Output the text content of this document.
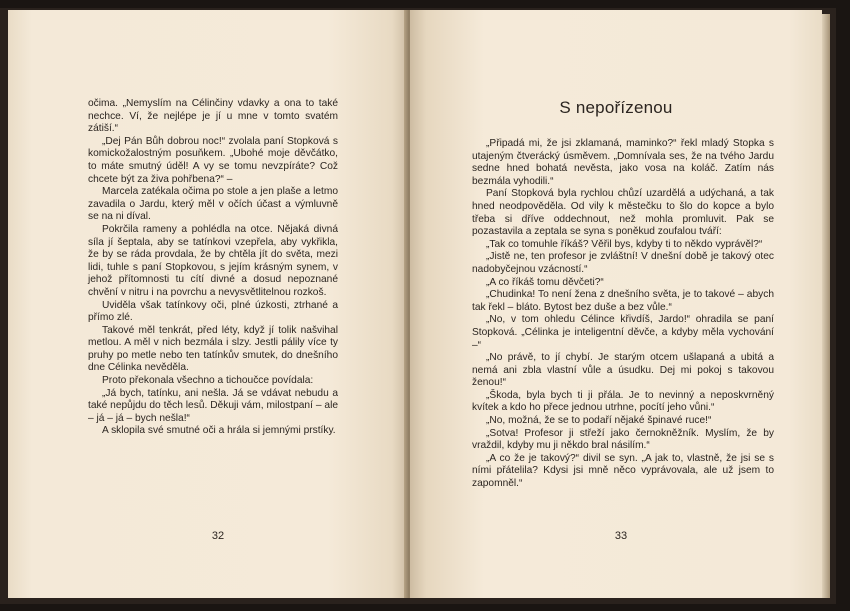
očima. „Nemyslím na Célinčiny vdavky a ona to také nechce. Ví, že nejlépe je jí u mne v tomto svatém zátiší.“

„Dej Pán Bůh dobrou noc!“ zvolala paní Stopková s komickožalostným posuňkem. „Ubohé moje děvčátko, to máte smutný úděl! A vy se tomu nevzpíráte? Což chcete být za živa pohřbena?“ –

Marcela zatékala očima po stole a jen plaše a letmo zavadila o Jardu, který měl v očích účast a výmluvně se na ni díval.

Pokrčila rameny a pohlédla na otce. Nějaká divná síla jí šeptala, aby se tatínkovi vzepřela, aby vykřikla, že by se ráda provdala, že by chtěla jít do světa, mezi lidi, tuhle s paní Stopkovou, s jejím krásným synem, v jehož přítomnosti tu cítí divné a dosud nepoznané chvění v nitru i na povrchu a nevysvětlitelnou rozkoš.

Uviděla však tatínkovy oči, plné úzkosti, ztrhané a přímo zlé.

Takové měl tenkrát, před léty, když jí tolik našvihal metlou. A měl v nich bezmála i slzy. Jestli pálily více ty pruhy po metle nebo ten tatínkův smutek, do dnešního dne Célinka nevěděla.

Proto překonala všechno a tichoučce povídala:

„Já bych, tatínku, ani nešla. Já se vdávat nebudu a také nepůjdu do těch lesů. Děkuji vám, milostpaní – ale – já – já – bych nešla!“

A sklopila své smutné oči a hrála si jemnými prstíky.

32
S nepořízenou

„Připadá mi, že jsi zklamaná, maminko?“ řekl mladý Stopka s utajeným čtverácký úsměvem. „Domnívala ses, že na tvého Jardu sedne hned bohatá nevěsta, jako vosa na koláč. Zatím nás bezmála vyhodili.“

Paní Stopková byla rychlou chůzí uzardělá a udýchaná, a tak hned neodpověděla. Od vily k městečku to šlo do kopce a bylo třeba si dříve oddechnout, než mohla promluvit. Pak se pozastavila a zeptala se syna s poněkud zoufalou tváří:

„Tak co tomuhle říkáš? Věřil bys, kdyby ti to někdo vyprávěl?“

„Jistě ne, ten profesor je zvláštní! V dnešní době je takový otec nadobyčejnou vzácností.“

„A co říkáš tomu děvčeti?“

„Chudinka! To není žena z dnešního světa, je to takové – abych tak řekl – bláto. Bytost bez duše a bez vůle.“

„No, v tom ohledu Célince křivdíš, Jardo!“ ohradila se paní Stopková. „Célinka je inteligentní děvče, a kdyby měla vychování –“

„No právě, to jí chybí. Je starým otcem ušlapaná a ubitá a nemá ani zbla vlastní vůle a úsudku. Dej mi pokoj s takovou ženou!“

„Škoda, byla bych ti ji přála. Je to nevinný a neposkvrněný kvítek a kdo ho přece jednou utrhne, pocítí jeho vůni.“

„No, možná, že se to podaří nějaké špinavé ruce!“

„Sotva! Profesor ji střeží jako černokněžník. Myslím, že by vraždil, kdyby mu ji někdo bral násilím.“

„A co že je takový?“ divil se syn. „A jak to, vlastně, že jsi se s ními přátelila? Kdysi jsi mně něco vyprávovala, ale už jsem to zapomněl.“

33
